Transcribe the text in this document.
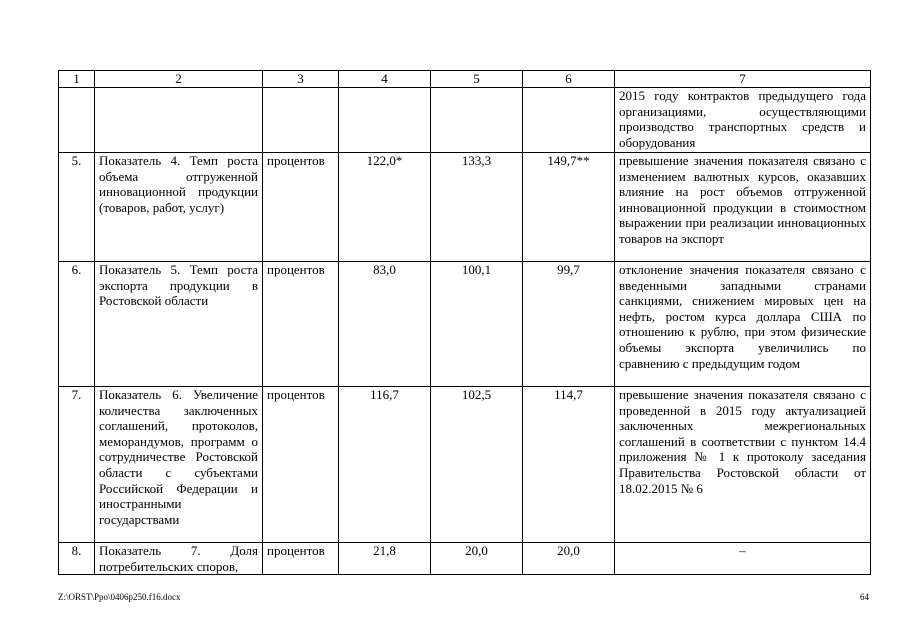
1	2	3	4	5	6	7
						2015 году контрактов предыдущего года организациями, осуществляющими производство транспортных средств и оборудования
5.	Показатель 4. Темп роста объема отгруженной инновационной продукции (товаров, работ, услуг)	процентов	122,0*	133,3	149,7**	превышение значения показателя связано с изменением валютных курсов, оказавших влияние на рост объемов отгруженной инновационной продукции в стоимостном выражении при реализации инновационных товаров на экспорт
6.	Показатель 5. Темп роста экспорта продукции в Ростовской области	процентов	83,0	100,1	99,7	отклонение значения показателя связано с введенными западными странами санкциями, снижением мировых цен на нефть, ростом курса доллара США по отношению к рублю, при этом физические объемы экспорта увеличились по сравнению с предыдущим годом
7.	Показатель 6. Увеличение количества заключенных соглашений, протоколов, меморандумов, программ о сотрудничестве Ростовской области с субъектами Российской Федерации и иностранными государствами	процентов	116,7	102,5	114,7	превышение значения показателя связано с проведенной в 2015 году актуализацией заключенных межрегиональных соглашений в соответствии с пунктом 14.4 приложения № 1 к протоколу заседания Правительства Ростовской области от 18.02.2015 № 6
8.	Показатель 7. Доля потребительских споров,	процентов	21,8	20,0	20,0	–
Z:\ORST\Ppo\0406p250.f16.docx	64
